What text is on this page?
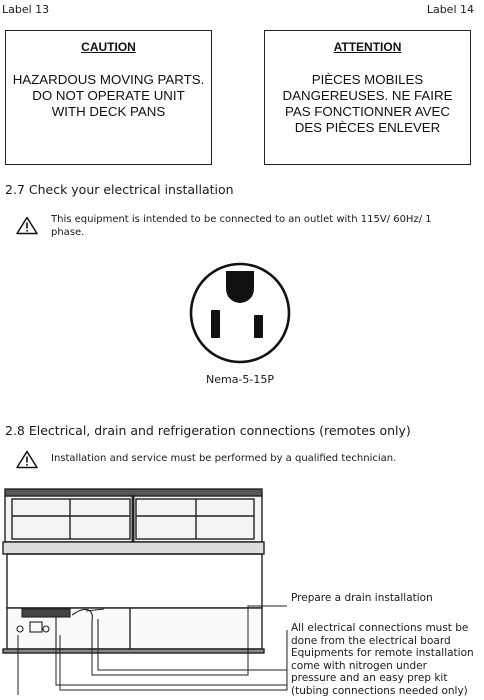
Label 13	Label 14
CAUTION
HAZARDOUS MOVING PARTS.
DO NOT OPERATE UNIT
WITH DECK PANS
ATTENTION
PIÈCES MOBILES
DANGEREUSES. NE FAIRE
PAS FONCTIONNER AVEC
DES PIÈCES ENLEVER
2.7 Check your electrical installation
This equipment is intended to be connected to an outlet with 115V/ 60Hz/ 1 phase.
Nema-5-15P
2.8 Electrical, drain and refrigeration connections (remotes only)
Installation and service must be performed by a qualified technician.
Prepare a drain installation
All electrical connections must be
done from the electrical board
Equipments for remote installation
come with nitrogen under
pressure and an easy prep kit
(tubing connections needed only)
